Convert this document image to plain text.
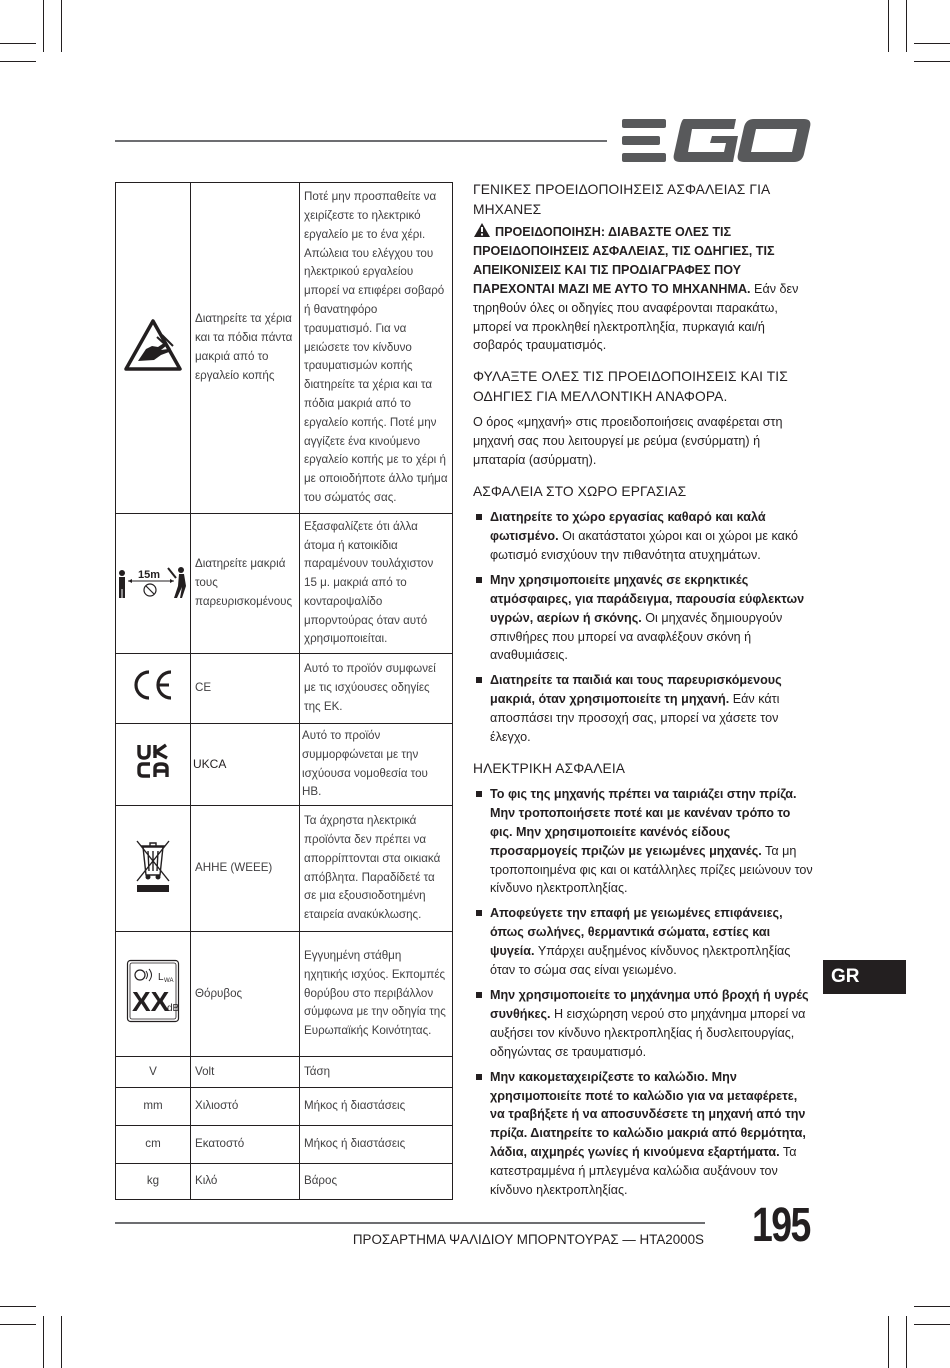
	Διατηρείτε τα χέρια και τα πόδια πάντα μακριά από το εργαλείο κοπής	Ποτέ μην προσπαθείτε να χειρίζεστε το ηλεκτρικό εργαλείο με το ένα χέρι. Απώλεια του ελέγχου του ηλεκτρικού εργαλείου μπορεί να επιφέρει σοβαρό ή θανατηφόρο τραυματισμό. Για να μειώσετε τον κίνδυνο τραυματισμών κοπής διατηρείτε τα χέρια και τα πόδια μακριά από το εργαλείο κοπής. Ποτέ μην αγγίζετε ένα κινούμενο εργαλείο κοπής με το χέρι ή με οποιοδήποτε άλλο τμήμα του σώματός σας.

15m	Διατηρείτε μακριά τους παρευρισκομένους	Εξασφαλίζετε ότι άλλα άτομα ή κατοικίδια παραμένουν τουλάχιστον 15 μ. μακριά από το κονταροψαλίδο μπορντούρας όταν αυτό χρησιμοποιείται.
	CE	Αυτό το προϊόν συμφωνεί με τις ισχύουσες οδηγίες της ΕΚ.
	UKCA	Αυτό το προϊόν συμμορφώνεται με την ισχύουσα νομοθεσία του ΗΒ.
	ΑΗΗΕ (WEEE)	Τα άχρηστα ηλεκτρικά προϊόντα δεν πρέπει να απορρίπτονται στα οικιακά απόβλητα. Παραδίδετέ τα σε μια εξουσιοδοτημένη εταιρεία ανακύκλωσης.

L WA
XX
dB	Θόρυβος	Εγγυημένη στάθμη ηχητικής ισχύος. Εκπομπές θορύβου στο περιβάλλον σύμφωνα με την οδηγία της Ευρωπαϊκής Κοινότητας.
V	Volt	Τάση
mm	Χιλιοστό	Μήκος ή διαστάσεις
cm	Εκατοστό	Μήκος ή διαστάσεις
kg	Κιλό	Βάρος
ΓΕΝΙΚΕΣ ΠΡΟΕΙΔΟΠΟΙΗΣΕΙΣ ΑΣΦΑΛΕΙΑΣ ΓΙΑ ΜΗΧΑΝΕΣ

ΠΡΟΕΙΔΟΠΟΙΗΣΗ: ΔΙΑΒΑΣΤΕ ΟΛΕΣ ΤΙΣ ΠΡΟΕΙΔΟΠΟΙΗΣΕΙΣ ΑΣΦΑΛΕΙΑΣ, ΤΙΣ ΟΔΗΓΙΕΣ, ΤΙΣ ΑΠΕΙΚΟΝΙΣΕΙΣ ΚΑΙ ΤΙΣ ΠΡΟΔΙΑΓΡΑΦΕΣ ΠΟΥ ΠΑΡΕΧΟΝΤΑΙ ΜΑΖΙ ΜΕ ΑΥΤΟ ΤΟ ΜΗΧΑΝΗΜΑ. Εάν δεν τηρηθούν όλες οι οδηγίες που αναφέρονται παρακάτω, μπορεί να προκληθεί ηλεκτροπληξία, πυρκαγιά και/ή σοβαρός τραυματισμός.

ΦΥΛΑΞΤΕ ΟΛΕΣ ΤΙΣ ΠΡΟΕΙΔΟΠΟΙΗΣΕΙΣ ΚΑΙ ΤΙΣ ΟΔΗΓΙΕΣ ΓΙΑ ΜΕΛΛΟΝΤΙΚΗ ΑΝΑΦΟΡΑ.

Ο όρος «μηχανή» στις προειδοποιήσεις αναφέρεται στη μηχανή σας που λειτουργεί με ρεύμα (ενσύρματη) ή μπαταρία (ασύρματη).

ΑΣΦΑΛΕΙΑ ΣΤΟ ΧΩΡΟ ΕΡΓΑΣΙΑΣ
Διατηρείτε το χώρο εργασίας καθαρό και καλά φωτισμένο. Οι ακατάστατοι χώροι και οι χώροι με κακό φωτισμό ενισχύουν την πιθανότητα ατυχημάτων.
Μην χρησιμοποιείτε μηχανές σε εκρηκτικές ατμόσφαιρες, για παράδειγμα, παρουσία εύφλεκτων υγρών, αερίων ή σκόνης. Οι μηχανές δημιουργούν σπινθήρες που μπορεί να αναφλέξουν σκόνη ή αναθυμιάσεις.
Διατηρείτε τα παιδιά και τους παρευρισκόμενους μακριά, όταν χρησιμοποιείτε τη μηχανή. Εάν κάτι αποσπάσει την προσοχή σας, μπορεί να χάσετε τον έλεγχο.
ΗΛΕΚΤΡΙΚΗ ΑΣΦΑΛΕΙΑ
Το φις της μηχανής πρέπει να ταιριάζει στην πρίζα. Μην τροποποιήσετε ποτέ και με κανέναν τρόπο το φις. Μην χρησιμοποιείτε κανένός είδους προσαρμογείς πριζών με γειωμένες μηχανές. Τα μη τροποποιημένα φις και οι κατάλληλες πρίζες μειώνουν τον κίνδυνο ηλεκτροπληξίας.
Αποφεύγετε την επαφή με γειωμένες επιφάνειες, όπως σωλήνες, θερμαντικά σώματα, εστίες και ψυγεία. Υπάρχει αυξημένος κίνδυνος ηλεκτροπληξίας όταν το σώμα σας είναι γειωμένο.
Μην χρησιμοποιείτε το μηχάνημα υπό βροχή ή υγρές συνθήκες. Η εισχώρηση νερού στο μηχάνημα μπορεί να αυξήσει τον κίνδυνο ηλεκτροπληξίας ή δυσλειτουργίας, οδηγώντας σε τραυματισμό.
Μην κακομεταχειρίζεστε το καλώδιο. Μην χρησιμοποιείτε ποτέ το καλώδιο για να μεταφέρετε, να τραβήξετε ή να αποσυνδέσετε τη μηχανή από την πρίζα. Διατηρείτε το καλώδιο μακριά από θερμότητα, λάδια, αιχμηρές γωνίες ή κινούμενα εξαρτήματα. Τα κατεστραμμένα ή μπλεγμένα καλώδια αυξάνουν τον κίνδυνο ηλεκτροπληξίας.
GR
ΠΡΟΣΑΡΤΗΜΑ ΨΑΛΙΔΙΟΥ ΜΠΟΡΝΤΟΥΡΑΣ — HTA2000S 195
